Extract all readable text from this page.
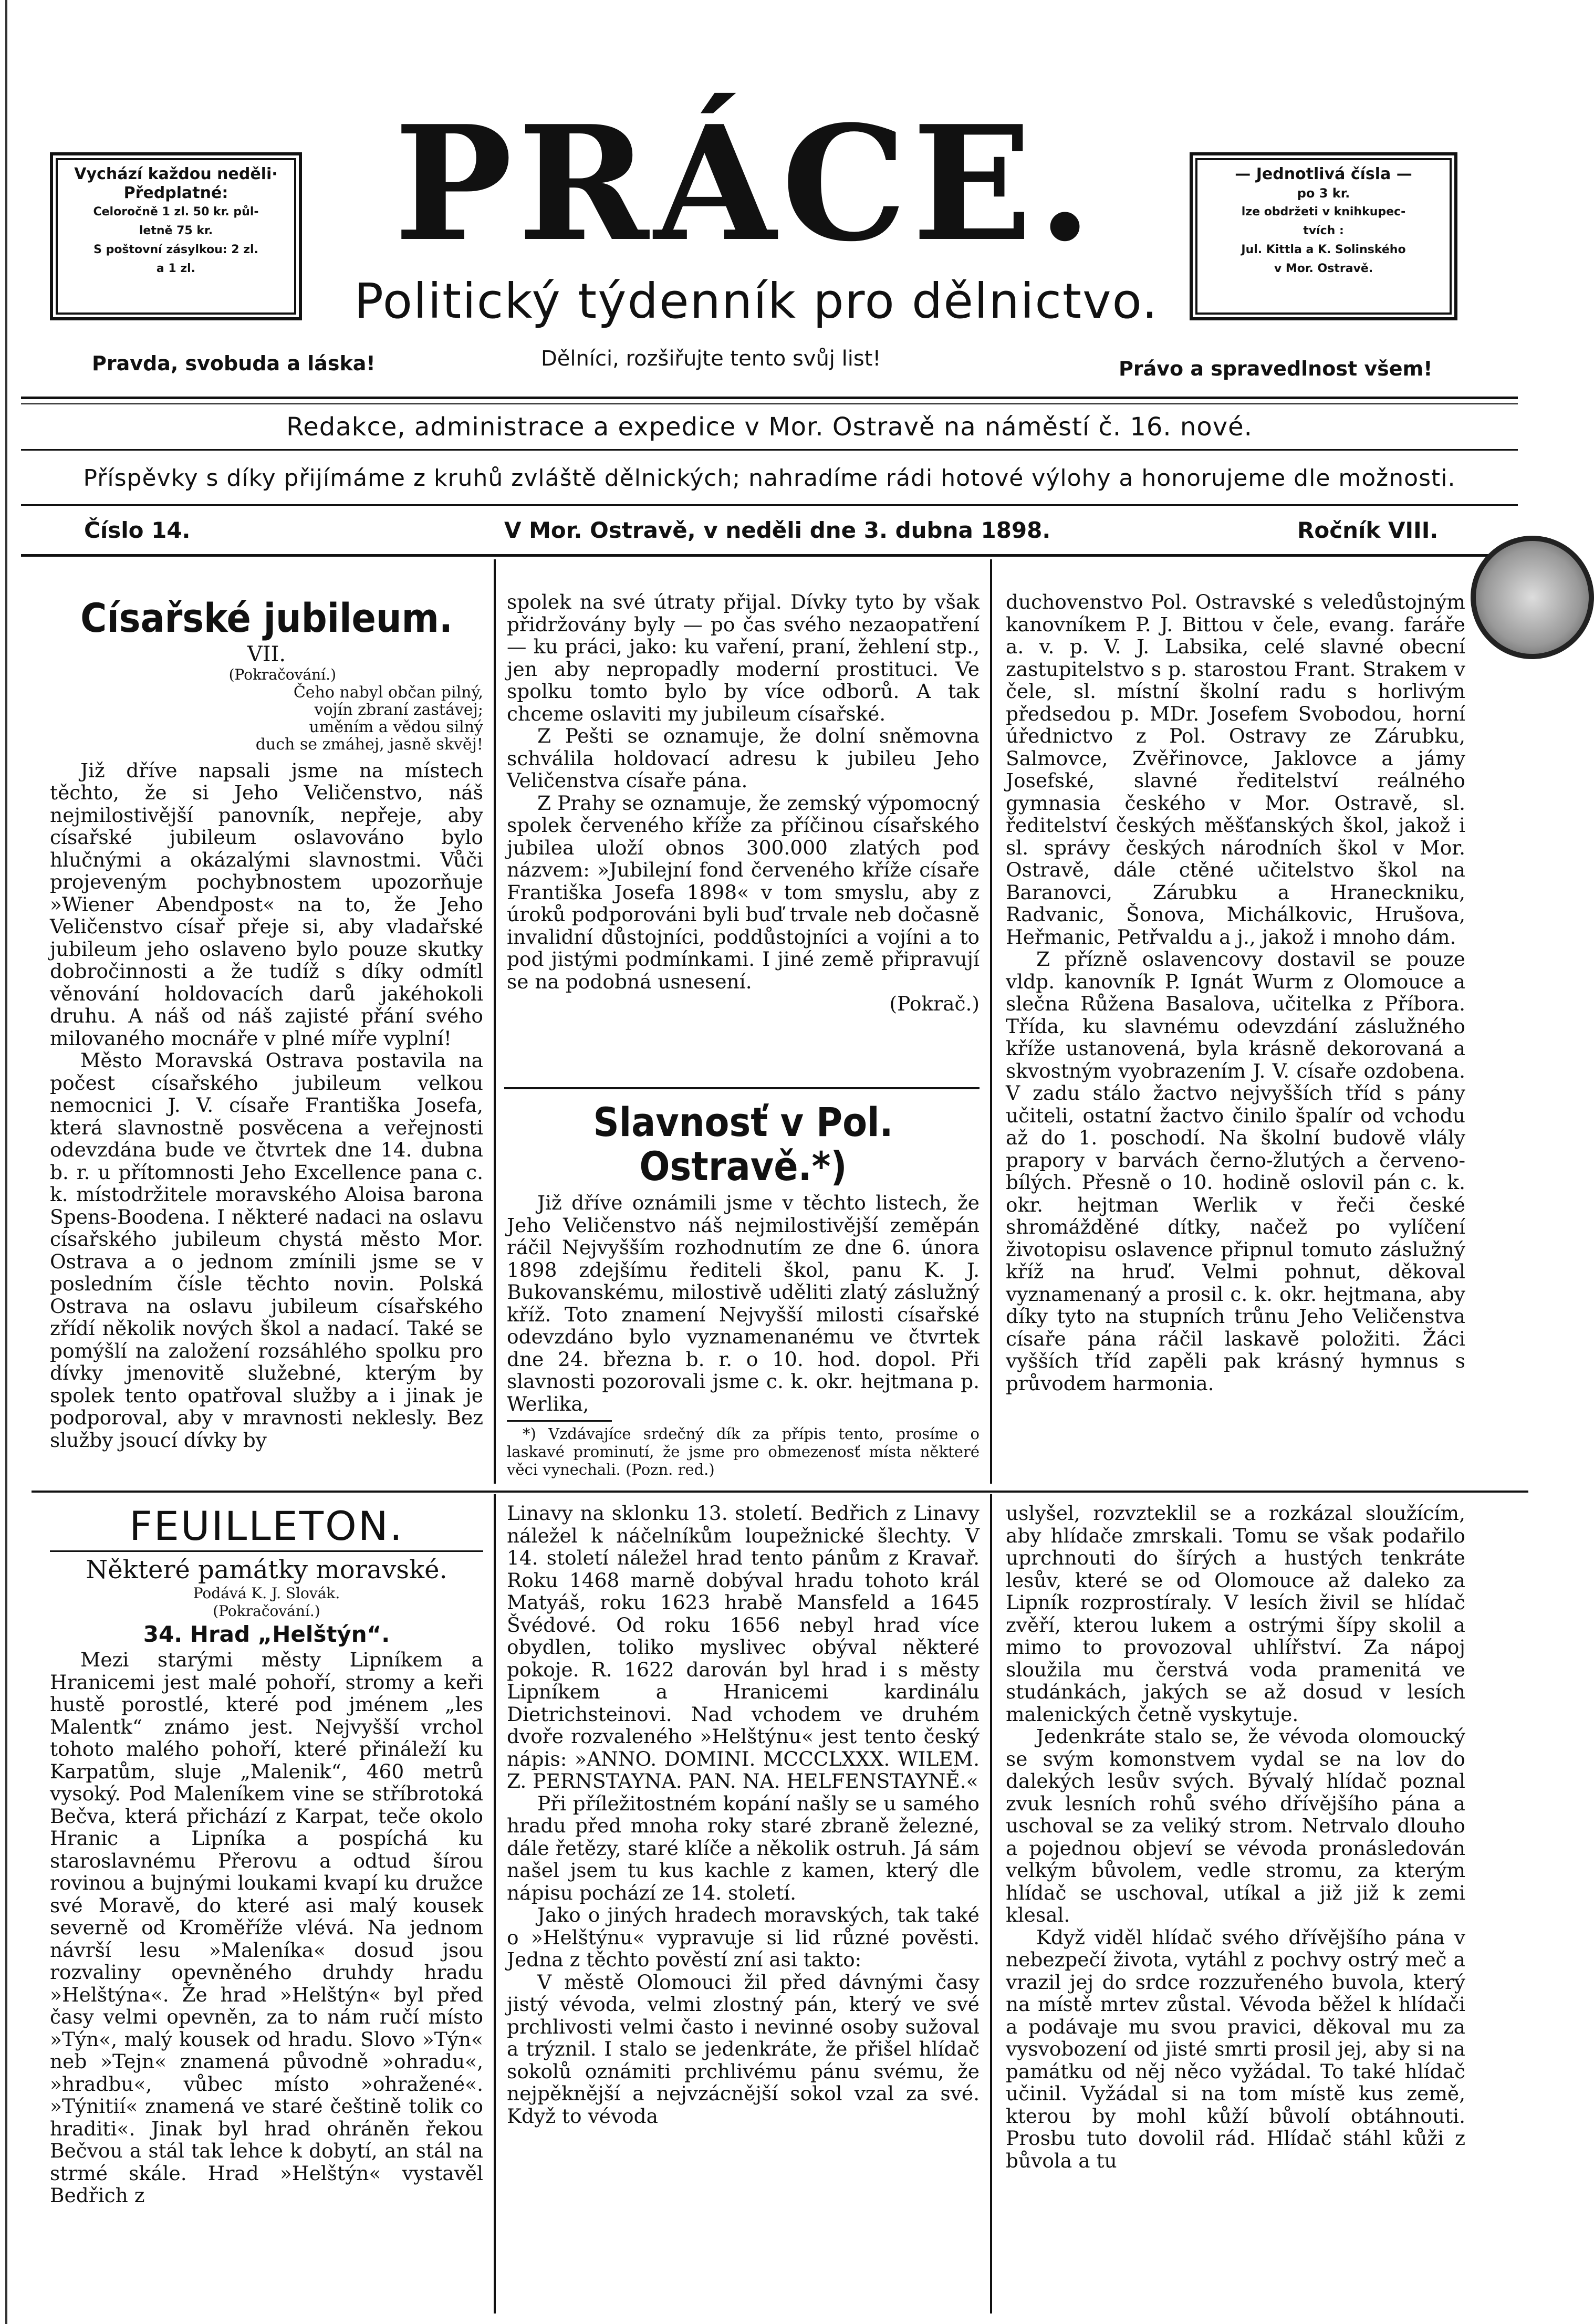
Vychází každou neděli·
Předplatné:
Celoročně 1 zl. 50 kr. půl-
letně 75 kr.
S poštovní zásylkou: 2 zl.
a 1 zl.	PRÁCE.
Politický týdenník pro dělnictvo.
— Jednotlivá čísla —
po 3 kr.
lze obdržeti v knihkupec-
tvích :
Jul. Kittla a K. Solinského
v Mor. Ostravě.
Pravda, svobuda a láska!	Dělníci, rozšiřujte tento svůj list!	Právo a spravedlnost všem!
Redakce, administrace a expedice v Mor. Ostravě na náměstí č. 16. nové.
Příspěvky s díky přijímáme z kruhů zvláště dělnických; nahradíme rádi hotové výlohy a honorujeme dle možnosti.
Číslo 14.	V Mor. Ostravě, v neděli dne 3. dubna 1898.	Ročník VIII.
Císařské jubileum.

VII.

(Pokračování.)

Čeho nabyl občan pilný,
vojín zbraní zastávej;
uměním a vědou silný
duch se zmáhej, jasně skvěj!

Již dříve napsali jsme na místech těchto, že si Jeho Veličenstvo, náš nejmilostivější panovník, nepřeje, aby císařské jubileum oslavováno bylo hlučnými a okázalými slavnostmi. Vůči projeveným pochybnostem upozorňuje »Wiener Abendpost« na to, že Jeho Veličenstvo císař přeje si, aby vladařské jubileum jeho oslaveno bylo pouze skutky dobročinnosti a že tudíž s díky odmítl věnování holdovacích darů jakéhokoli druhu. A náš od náš zajisté přání svého milovaného mocnáře v plné míře vyplní!

Město Moravská Ostrava postavila na počest císařského jubileum velkou nemocnici J. V. císaře Františka Josefa, která slavnostně posvěcena a veřejnosti odevzdána bude ve čtvrtek dne 14. dubna b. r. u přítomnosti Jeho Excellence pana c. k. místodržitele moravského Aloisa barona Spens-Boodena. I některé nadaci na oslavu císařského jubileum chystá město Mor. Ostrava a o jednom zmínili jsme se v posledním čísle těchto novin. Polská Ostrava na oslavu jubileum císařského zřídí několik nových škol a nadací. Také se pomýšlí na založení rozsáhlého spolku pro dívky jmenovitě služebné, kterým by spolek tento opatřoval služby a i jinak je podporoval, aby v mravnosti neklesly. Bez služby jsoucí dívky by

spolek na své útraty přijal. Dívky tyto by však přidržovány byly — po čas svého nezaopatření — ku práci, jako: ku vaření, praní, žehlení stp., jen aby nepropadly moderní prostituci. Ve spolku tomto bylo by více odborů. A tak chceme oslaviti my jubileum císařské.

Z Pešti se oznamuje, že dolní sněmovna schválila holdovací adresu k jubileu Jeho Veličenstva císaře pána.

Z Prahy se oznamuje, že zemský výpomocný spolek červeného kříže za příčinou císařského jubilea uloží obnos 300.000 zlatých pod názvem: »Jubilejní fond červeného kříže císaře Františka Josefa 1898« v tom smyslu, aby z úroků podporováni byli buď trvale neb dočasně invalidní důstojníci, poddůstojníci a vojíni a to pod jistými podmínkami. I jiné země připravují se na podobná usnesení.

(Pokrač.)

Slavnosť v Pol. Ostravě.*)

Již dříve oznámili jsme v těchto listech, že Jeho Veličenstvo náš nejmilostivější zeměpán ráčil Nejvyšším rozhodnutím ze dne 6. února 1898 zdejšímu řediteli škol, panu K. J. Bukovanskému, milostivě uděliti zlatý záslužný kříž. Toto znamení Nejvyšší milosti císařské odevzdáno bylo vyznamenanému ve čtvrtek dne 24. března b. r. o 10. hod. dopol. Při slavnosti pozorovali jsme c. k. okr. hejtmana p. Werlika,

*) Vzdávajíce srdečný dík za přípis tento, prosíme o laskavé prominutí, že jsme pro obmezenosť místa některé věci vynechali. (Pozn. red.)

duchovenstvo Pol. Ostravské s veledůstojným kanovníkem P. J. Bittou v čele, evang. faráře a. v. p. V. J. Labsika, celé slavné obecní zastupitelstvo s p. starostou Frant. Strakem v čele, sl. místní školní radu s horlivým předsedou p. MDr. Josefem Svobodou, horní úřednictvo z Pol. Ostravy ze Zárubku, Salmovce, Zvěřinovce, Jaklovce a jámy Josefské, slavné ředitelství reálného gymnasia českého v Mor. Ostravě, sl. ředitelství českých měšťanských škol, jakož i sl. správy českých národních škol v Mor. Ostravě, dále ctěné učitelstvo škol na Baranovci, Zárubku a Hraneckniku, Radvanic, Šonova, Michálkovic, Hrušova, Heřmanic, Petřvaldu a j., jakož i mnoho dám.

Z přízně oslavencovy dostavil se pouze vldp. kanovník P. Ignát Wurm z Olomouce a slečna Růžena Basalova, učitelka z Příbora. Třída, ku slavnému odevzdání záslužného kříže ustanovená, byla krásně dekorovaná a skvostným vyobrazením J. V. císaře ozdobena. V zadu stálo žactvo nejvyšších tříd s pány učiteli, ostatní žactvo činilo špalír od vchodu až do 1. poschodí. Na školní budově vlály prapory v barvách černo-žlutých a červeno-bílých. Přesně o 10. hodině oslovil pán c. k. okr. hejtman Werlik v řeči české shromážděné dítky, načež po vylíčení životopisu oslavence připnul tomuto záslužný kříž na hruď. Velmi pohnut, děkoval vyznamenaný a prosil c. k. okr. hejtmana, aby díky tyto na stupních trůnu Jeho Veličenstva císaře pána ráčil laskavě položiti. Žáci vyšších tříd zapěli pak krásný hymnus s průvodem harmonia.

FEUILLETON.

Některé památky moravské.

Podává K. J. Slovák.

(Pokračování.)

34. Hrad „Helštýn“.

Mezi starými městy Lipníkem a Hranicemi jest malé pohoří, stromy a keři hustě porostlé, které pod jménem „les Malentk“ známo jest. Nejvyšší vrchol tohoto malého pohoří, které přináleží ku Karpatům, sluje „Malenik“, 460 metrů vysoký. Pod Maleníkem vine se stříbrotoká Bečva, která přichází z Karpat, teče okolo Hranic a Lipníka a pospíchá ku staroslavnému Přerovu a odtud šírou rovinou a bujnými loukami kvapí ku družce své Moravě, do které asi malý kousek severně od Kroměříže vlévá. Na jednom návrší lesu »Maleníka« dosud jsou rozvaliny opevněného druhdy hradu »Helštýna«. Že hrad »Helštýn« byl před časy velmi opevněn, za to nám ručí místo »Týn«, malý kousek od hradu. Slovo »Týn« neb »Tejn« znamená původně »ohradu«, »hradbu«, vůbec místo »ohražené«. »Týnitií« znamená ve staré češtině tolik co hraditi«. Jinak byl hrad ohráněn řekou Bečvou a stál tak lehce k dobytí, an stál na strmé skále. Hrad »Helštýn« vystavěl Bedřich z

Linavy na sklonku 13. století. Bedřich z Linavy náležel k náčelníkům loupežnické šlechty. V 14. století náležel hrad tento pánům z Kravař. Roku 1468 marně dobýval hradu tohoto král Matyáš, roku 1623 hrabě Mansfeld a 1645 Švédové. Od roku 1656 nebyl hrad více obydlen, toliko myslivec obýval některé pokoje. R. 1622 darován byl hrad i s městy Lipníkem a Hranicemi kardinálu Dietrichsteinovi. Nad vchodem ve druhém dvoře rozvaleného »Helštýnu« jest tento český nápis: »ANNO. DOMINI. MCCCLXXX. WILEM. Z. PERNSTAYNA. PAN. NA. HELFENSTAYNĚ.«

Při příležitostném kopání našly se u samého hradu před mnoha roky staré zbraně železné, dále řetězy, staré klíče a několik ostruh. Já sám našel jsem tu kus kachle z kamen, který dle nápisu pochází ze 14. století.

Jako o jiných hradech moravských, tak také o »Helštýnu« vypravuje si lid různé pověsti. Jedna z těchto pověstí zní asi takto:

V městě Olomouci žil před dávnými časy jistý vévoda, velmi zlostný pán, který ve své prchlivosti velmi často i nevinné osoby sužoval a trýznil. I stalo se jedenkráte, že přišel hlídač sokolů oznámiti prchlivému pánu svému, že nejpěknější a nejvzácnější sokol vzal za své. Když to vévoda

uslyšel, rozvzteklil se a rozkázal sloužícím, aby hlídače zmrskali. Tomu se však podařilo uprchnouti do šírých a hustých tenkráte lesův, které se od Olomouce až daleko za Lipník rozprostíraly. V lesích živil se hlídač zvěří, kterou lukem a ostrými šípy skolil a mimo to provozoval uhlířství. Za nápoj sloužila mu čerstvá voda pramenitá ve studánkách, jakých se až dosud v lesích malenických četně vyskytuje.

Jedenkráte stalo se, že vévoda olomoucký se svým komonstvem vydal se na lov do dalekých lesův svých. Bývalý hlídač poznal zvuk lesních rohů svého dřívějšího pána a uschoval se za veliký strom. Netrvalo dlouho a pojednou objeví se vévoda pronásledován velkým bůvolem, vedle stromu, za kterým hlídač se uschoval, utíkal a již již k zemi klesal.

Když viděl hlídač svého dřívějšího pána v nebezpečí života, vytáhl z pochvy ostrý meč a vrazil jej do srdce rozzuřeného buvola, který na místě mrtev zůstal. Vévoda běžel k hlídači a podávaje mu svou pravici, děkoval mu za vysvobození od jisté smrti prosil jej, aby si na památku od něj něco vyžádal. To také hlídač učinil. Vyžádal si na tom místě kus země, kterou by mohl kůží bůvolí obtáhnouti. Prosbu tuto dovolil rád. Hlídač stáhl kůži z bůvola a tu
